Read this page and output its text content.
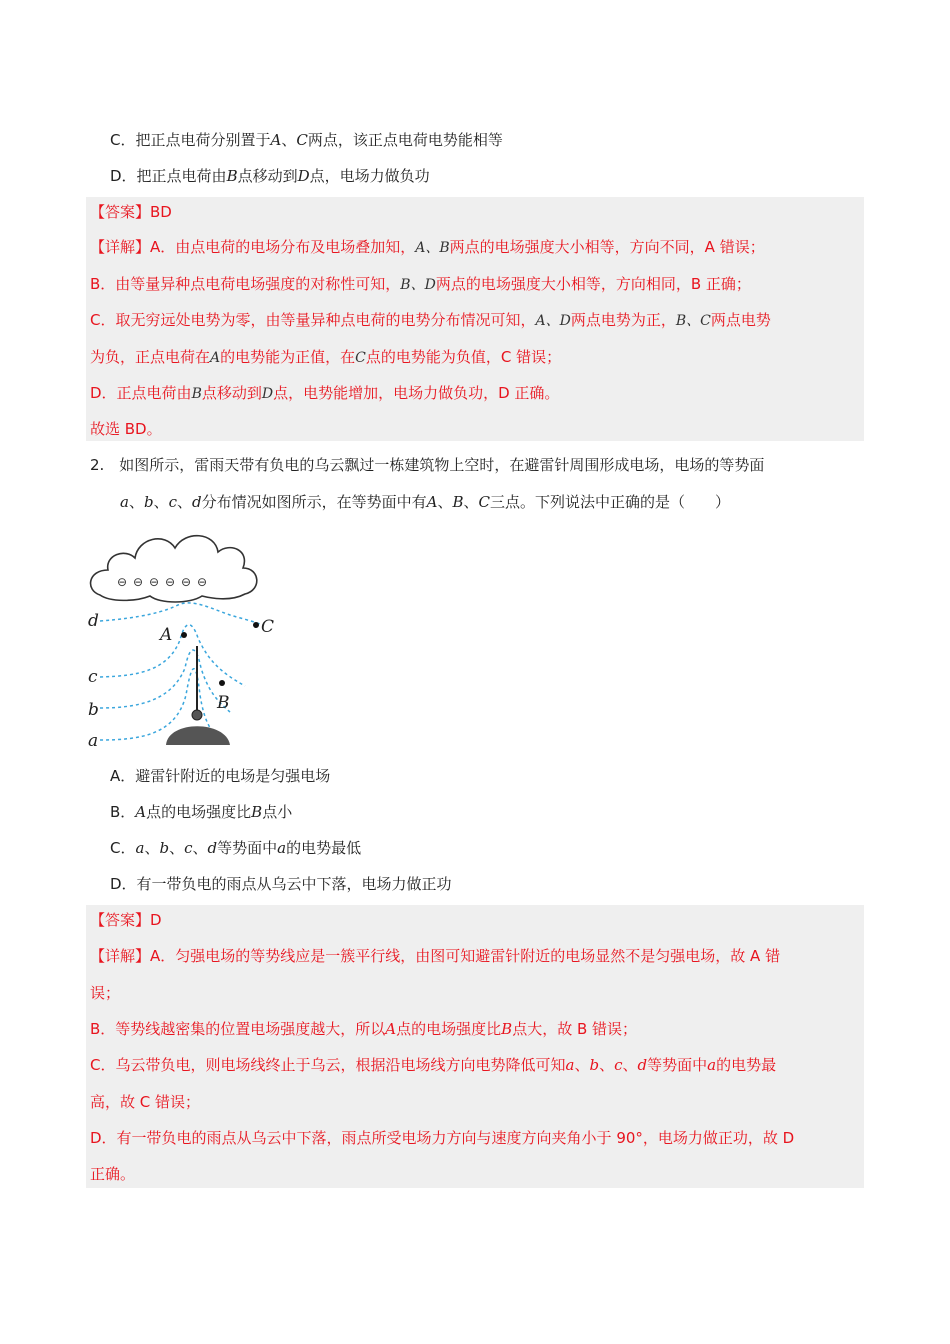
C．把正点电荷分别置于A、C两点，该正点电荷电势能相等
D．把正点电荷由B点移动到D点，电场力做负功
【答案】BD
【详解】A．由点电荷的电场分布及电场叠加知，A、B两点的电场强度大小相等，方向不同，A 错误；
B．由等量异种点电荷电场强度的对称性可知，B、D两点的电场强度大小相等，方向相同，B 正确；
C．取无穷远处电势为零，由等量异种点电荷的电势分布情况可知，A、D两点电势为正，B、C两点电势
为负，正点电荷在A的电势能为正值，在C点的电势能为负值，C 错误；
D．正点电荷由B点移动到D点，电势能增加，电场力做负功，D 正确。
故选 BD。
2.　如图所示，雷雨天带有负电的乌云飘过一栋建筑物上空时，在避雷针周围形成电场，电场的等势面
a、b、c、d分布情况如图所示，在等势面中有A、B、C三点。下列说法中正确的是（　　）
⊖ ⊖ ⊖ ⊖ ⊖ ⊖
A
B
C
d
c
b
a
A．避雷针附近的电场是匀强电场
B．A点的电场强度比B点小
C．a、b、c、d等势面中a的电势最低
D．有一带负电的雨点从乌云中下落，电场力做正功
【答案】D
【详解】A．匀强电场的等势线应是一簇平行线，由图可知避雷针附近的电场显然不是匀强电场，故 A 错
误；
B．等势线越密集的位置电场强度越大，所以A点的电场强度比B点大，故 B 错误；
C．乌云带负电，则电场线终止于乌云，根据沿电场线方向电势降低可知a、b、c、d等势面中a的电势最
高，故 C 错误；
D．有一带负电的雨点从乌云中下落，雨点所受电场力方向与速度方向夹角小于 90°，电场力做正功，故 D
正确。
